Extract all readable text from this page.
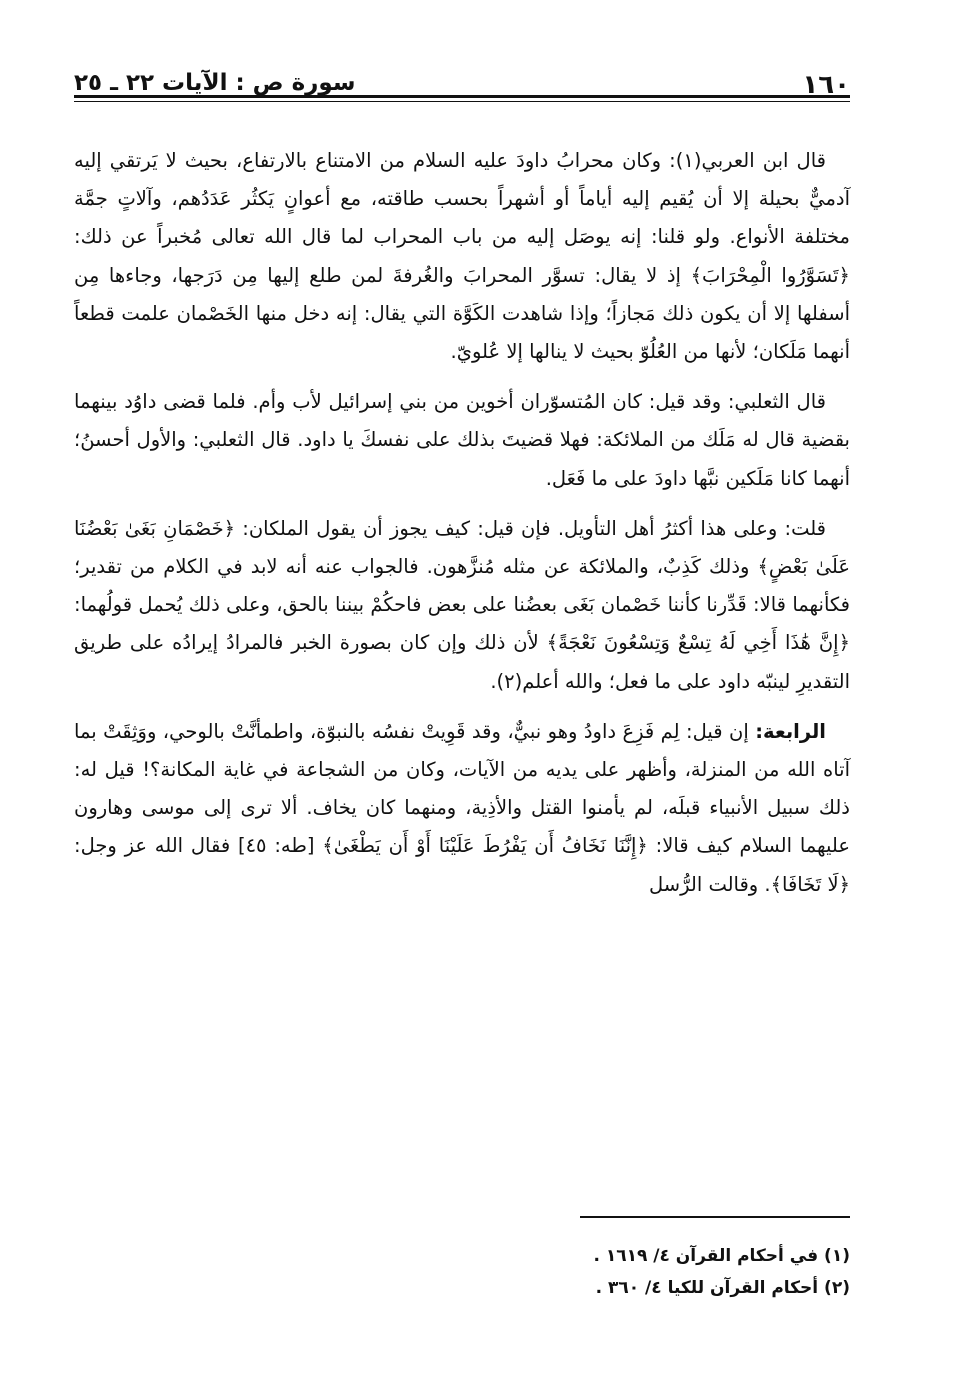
١٦٠
سورة ص : الآيات ٢٢ ـ ٢٥

قال ابن العربي(١): وكان محرابُ داودَ عليه السلام من الامتناع بالارتفاع، بحيث لا يَرتقي إليه آدميٌّ بحيلة إلا أن يُقيم إليه أياماً أو أشهراً بحسب طاقته، مع أعوانٍ يَكثُر عَدَدُهم، وآلاتٍ جمَّة مختلفة الأنواع. ولو قلنا: إنه يوصَل إليه من باب المحراب لما قال الله تعالى مُخبراً عن ذلك: ﴿تَسَوَّرُوا الْمِحْرَابَ﴾ إذ لا يقال: تسوَّر المحرابَ والغُرفةَ لمن طلع إليها مِن دَرَجها، وجاءها مِن أسفلها إلا أن يكون ذلك مَجازاً؛ وإذا شاهدت الكَوَّة التي يقال: إنه دخل منها الخَصْمان علمت قطعاً أنهما مَلَكان؛ لأنها من العُلُوّ بحيث لا ينالها إلا عُلويّ.

قال الثعلبي: وقد قيل: كان المُتسوّران أخوين من بني إسرائيل لأب وأم. فلما قضى داوُد بينهما بقضية قال له مَلَك من الملائكة: فهلا قضيتَ بذلك على نفسكَ يا داود. قال الثعلبي: والأول أحسنُ؛ أنهما كانا مَلَكين نبَّها داودَ على ما فَعَل.

قلت: وعلى هذا أكثرُ أهل التأويل. فإن قيل: كيف يجوز أن يقول الملكان: ﴿خَصْمَانِ بَغَىٰ بَعْضُنَا عَلَىٰ بَعْضٍ﴾ وذلك كَذِبٌ، والملائكة عن مثله مُنزَّهون. فالجواب عنه أنه لابد في الكلام من تقدير؛ فكأنهما قالا: قَدِّرنا كأننا خَصْمان بَغَى بعضُنا على بعض فاحكُمْ بيننا بالحق، وعلى ذلك يُحمل قولُهما: ﴿إِنَّ هَٰذَا أَخِي لَهُ تِسْعٌ وَتِسْعُونَ نَعْجَةً﴾ لأن ذلك وإن كان بصورة الخبر فالمرادُ إيرادُه على طريق التقديرِ لينبّه داود على ما فعل؛ والله أعلم(٢).

الرابعة: إن قيل: لِم فَزِعَ داودُ وهو نبيٌّ، وقد قَوِيتْ نفسُه بالنبوّة، واطمأنَّتْ بالوحي، ووَثِقَتْ بما آتاه الله من المنزلة، وأظهر على يديه من الآيات، وكان من الشجاعة في غاية المكانة؟! قيل له: ذلك سبيل الأنبياء قبلَه، لم يأمنوا القتل والأذِية، ومنهما كان يخاف. ألا ترى إلى موسى وهارون عليهما السلام كيف قالا: ﴿إِنَّنَا نَخَافُ أَن يَفْرُطَ عَلَيْنَا أَوْ أَن يَطْغَىٰ﴾ [طه: ٤٥] فقال الله عز وجل: ﴿لَا تَخَافَا﴾. وقالت الرُّسل

(١) في أحكام القرآن ٤/ ١٦١٩ .
(٢) أحكام القرآن للكيا ٤/ ٣٦٠ .
